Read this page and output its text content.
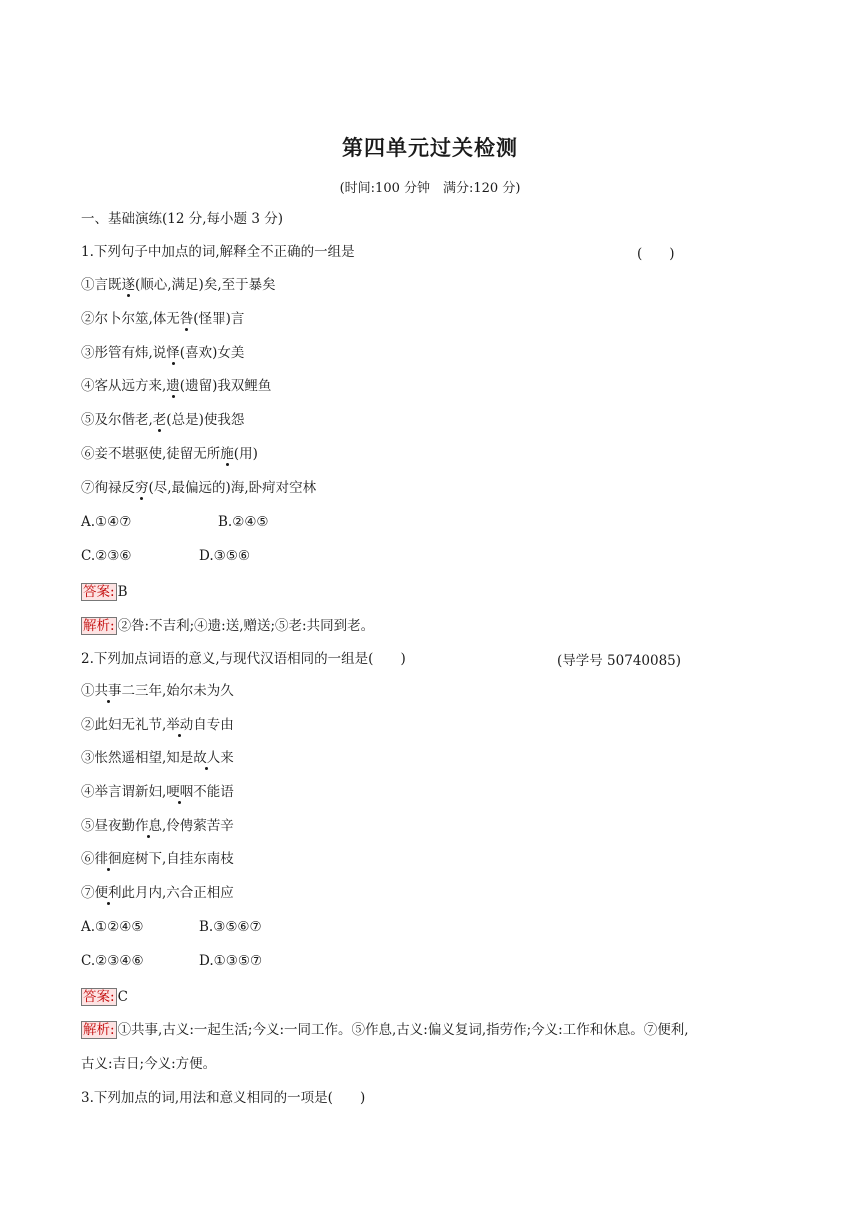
第四单元过关检测
(时间:100 分钟　满分:120 分)
一、基础演练(12 分,每小题 3 分)
1.下列句子中加点的词,解释全不正确的一组是	(　　)
①言既遂(顺心,满足)矣,至于暴矣
②尔卜尔筮,体无咎(怪罪)言
③彤管有炜,说怿(喜欢)女美
④客从远方来,遗(遗留)我双鲤鱼
⑤及尔偕老,老(总是)使我怨
⑥妾不堪驱使,徒留无所施(用)
⑦徇禄反穷(尽,最偏远的)海,卧疴对空林
A.①④⑦	B.②④⑤
C.②③⑥	D.③⑤⑥
答案: B
解析: ②咎:不吉利;④遗:送,赠送;⑤老:共同到老。
2.下列加点词语的意义,与现代汉语相同的一组是(　　)	(导学号 50740085)
①共事二三年,始尔未为久
②此妇无礼节,举动自专由
③怅然遥相望,知是故人来
④举言谓新妇,哽咽不能语
⑤昼夜勤作息,伶俜萦苦辛
⑥徘徊庭树下,自挂东南枝
⑦便利此月内,六合正相应
A.①②④⑤	B.③⑤⑥⑦
C.②③④⑥	D.①③⑤⑦
答案: C
解析: ①共事,古义:一起生活;今义:一同工作。⑤作息,古义:偏义复词,指劳作;今义:工作和休息。⑦便利,
古义:吉日;今义:方便。
3.下列加点的词,用法和意义相同的一项是(　　)
